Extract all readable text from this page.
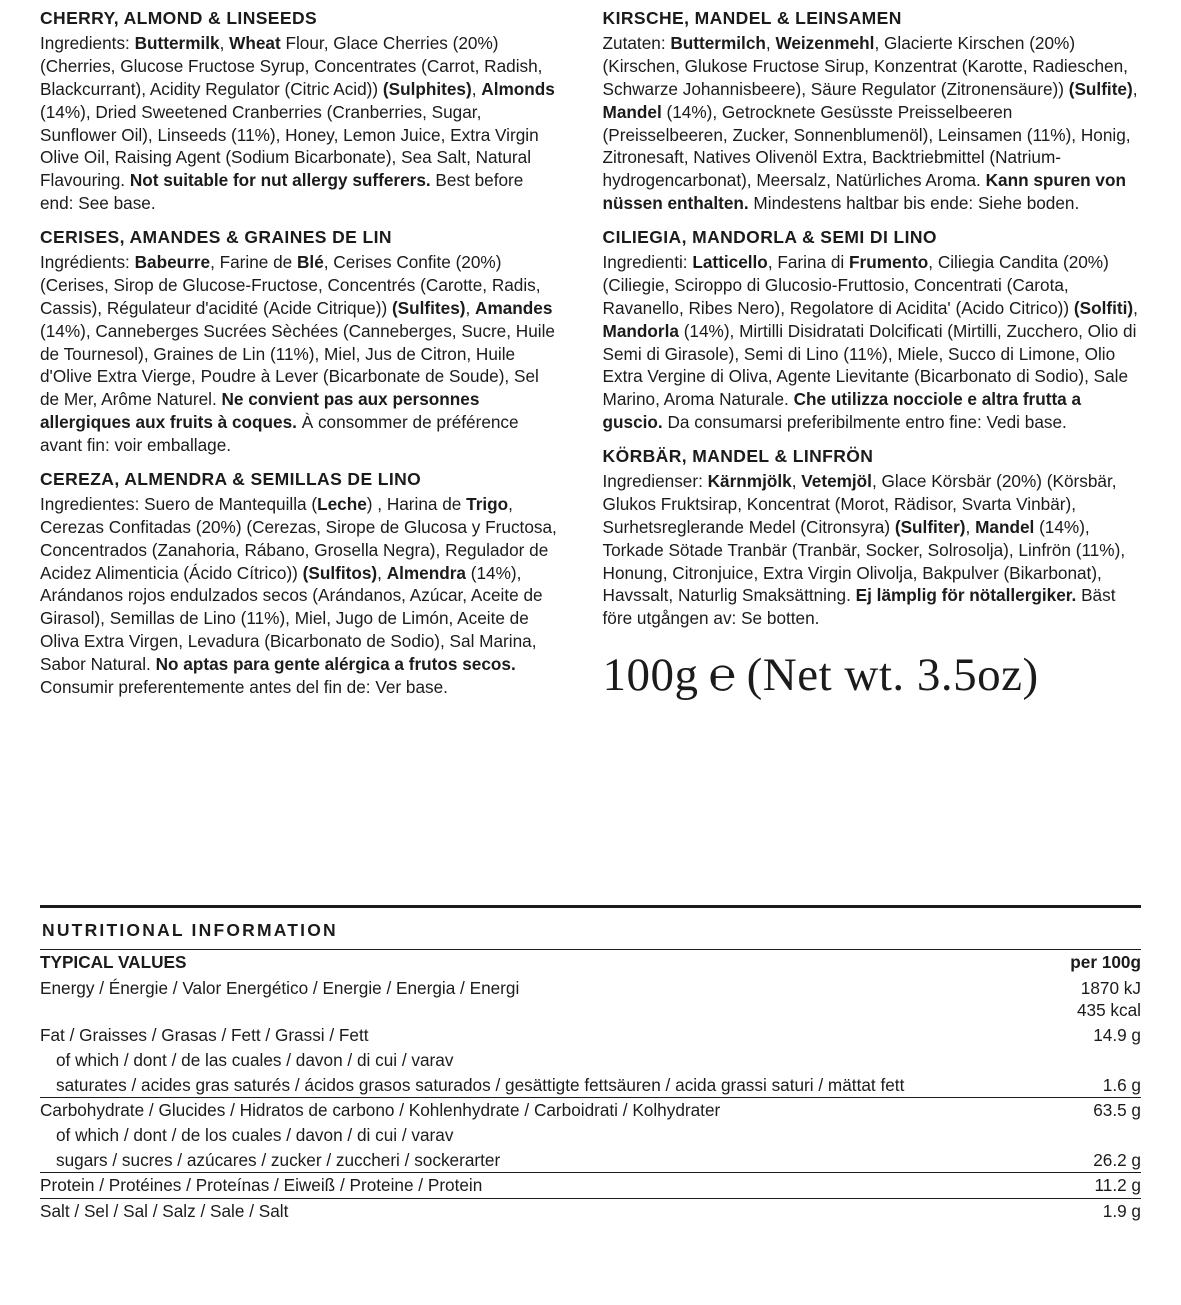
CHERRY, ALMOND & LINSEEDS
Ingredients: Buttermilk, Wheat Flour, Glace Cherries (20%) (Cherries, Glucose Fructose Syrup, Concentrates (Carrot, Radish, Blackcurrant), Acidity Regulator (Citric Acid)) (Sulphites), Almonds (14%), Dried Sweetened Cranberries (Cranberries, Sugar, Sunflower Oil), Linseeds (11%), Honey, Lemon Juice, Extra Virgin Olive Oil, Raising Agent (Sodium Bicarbonate), Sea Salt, Natural Flavouring. Not suitable for nut allergy sufferers. Best before end: See base.
CERISES, AMANDES & GRAINES DE LIN
Ingrédients: Babeurre, Farine de Blé, Cerises Confite (20%) (Cerises, Sirop de Glucose-Fructose, Concentrés (Carotte, Radis, Cassis), Régulateur d'acidité (Acide Citrique)) (Sulfites), Amandes (14%), Canneberges Sucrées Sèchées (Canneberges, Sucre, Huile de Tournesol), Graines de Lin (11%), Miel, Jus de Citron, Huile d'Olive Extra Vierge, Poudre à Lever (Bicarbonate de Soude), Sel de Mer, Arôme Naturel. Ne convient pas aux personnes allergiques aux fruits à coques. À consommer de préférence avant fin: voir emballage.
CEREZA, ALMENDRA & SEMILLAS DE LINO
Ingredientes: Suero de Mantequilla (Leche) , Harina de Trigo, Cerezas Confitadas (20%) (Cerezas, Sirope de Glucosa y Fructosa, Concentrados (Zanahoria, Rábano, Grosella Negra), Regulador de Acidez Alimenticia (Ácido Cítrico)) (Sulfitos), Almendra (14%), Arándanos rojos endulzados secos (Arándanos, Azúcar, Aceite de Girasol), Semillas de Lino (11%), Miel, Jugo de Limón, Aceite de Oliva Extra Virgen, Levadura (Bicarbonato de Sodio), Sal Marina, Sabor Natural. No aptas para gente alérgica a frutos secos. Consumir preferentemente antes del fin de: Ver base.
KIRSCHE, MANDEL & LEINSAMEN
Zutaten: Buttermilch, Weizenmehl, Glacierte Kirschen (20%) (Kirschen, Glukose Fructose Sirup, Konzentrat (Karotte, Radieschen, Schwarze Johannisbeere), Säure Regulator (Zitronensäure)) (Sulfite), Mandel (14%), Getrocknete Gesüsste Preisselbeeren (Preisselbeeren, Zucker, Sonnenblumenöl), Leinsamen (11%), Honig, Zitronesaft, Natives Olivenöl Extra, Backtriebmittel (Natrium-hydrogencarbonat), Meersalz, Natürliches Aroma. Kann spuren von nüssen enthalten. Mindestens haltbar bis ende: Siehe boden.
CILIEGIA, MANDORLA & SEMI DI LINO
Ingredienti: Latticello, Farina di Frumento, Ciliegia Candita (20%) (Ciliegie, Sciroppo di Glucosio-Fruttosio, Concentrati (Carota, Ravanello, Ribes Nero), Regolatore di Acidita' (Acido Citrico)) (Solfiti), Mandorla (14%), Mirtilli Disidratati Dolcificati (Mirtilli, Zucchero, Olio di Semi di Girasole), Semi di Lino (11%), Miele, Succo di Limone, Olio Extra Vergine di Oliva, Agente Lievitante (Bicarbonato di Sodio), Sale Marino, Aroma Naturale. Che utilizza nocciole e altra frutta a guscio. Da consumarsi preferibilmente entro fine: Vedi base.
KÖRBÄR, MANDEL & LINFRÖN
Ingredienser: Kärnmjölk, Vetemjöl, Glace Körsbär (20%) (Körsbär, Glukos Fruktsirap, Koncentrat (Morot, Rädisor, Svarta Vinbär), Surhetsreglerande Medel (Citronsyra) (Sulfiter), Mandel (14%), Torkade Sötade Tranbär (Tranbär, Socker, Solrosolja), Linfrön (11%), Honung, Citronjuice, Extra Virgin Olivolja, Bakpulver (Bikarbonat), Havssalt, Naturlig Smaksättning. Ej lämplig för nötallergiker. Bäst före utgången av: Se botten.
100g ℮ (Net wt. 3.5oz)
NUTRITIONAL INFORMATION
TYPICAL VALUES	per 100g
Energy / Énergie / Valor Energético / Energie / Energia / Energi	1870 kJ
435 kcal

Fat / Graisses / Grasas / Fett / Grassi / Fett	14.9 g
of which / dont / de las cuales / davon / di cui / varav	
saturates / acides gras saturés / ácidos grasos saturados / gesättigte fettsäuren / acida grassi saturi / mättat fett	1.6 g
Carbohydrate / Glucides / Hidratos de carbono / Kohlenhydrate / Carboidrati / Kolhydrater	63.5 g
of which / dont / de los cuales / davon / di cui / varav	
sugars / sucres / azúcares / zucker / zuccheri / sockerarter	26.2 g
Protein / Protéines / Proteínas / Eiweiß / Proteine / Protein	11.2 g
Salt / Sel / Sal / Salz / Sale / Salt	1.9 g
